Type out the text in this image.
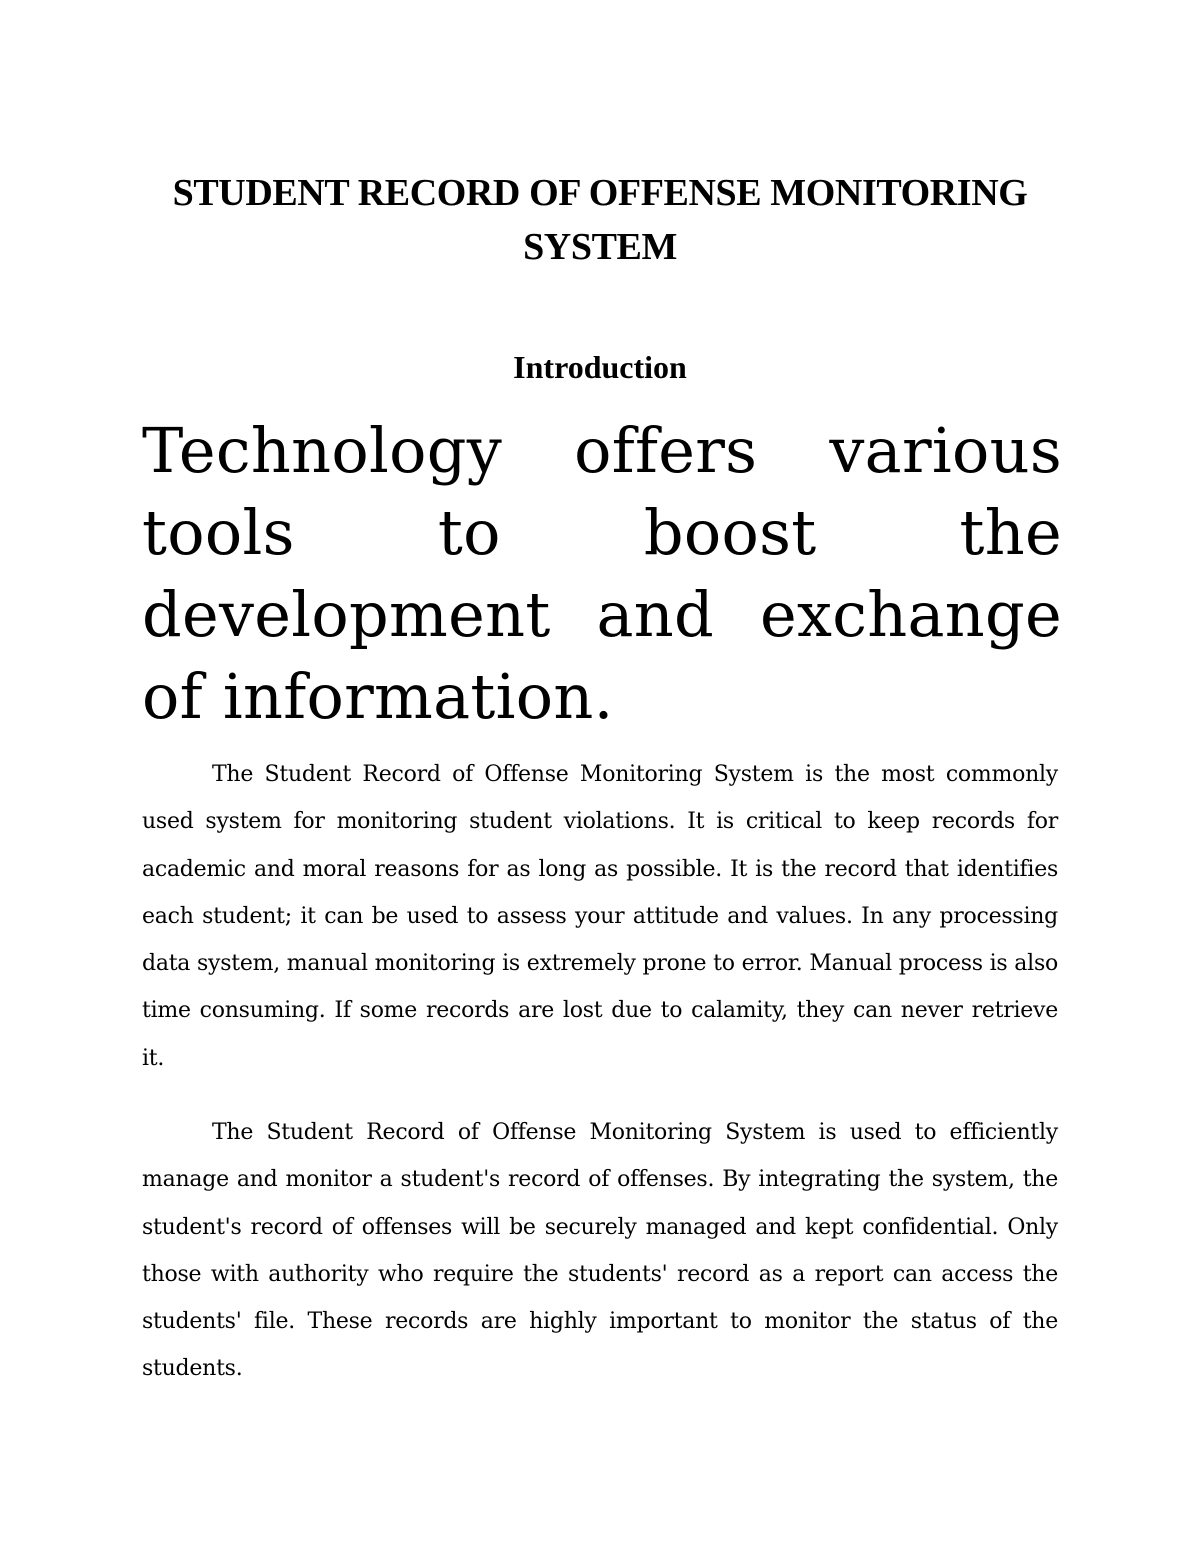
STUDENT RECORD OF OFFENSE MONITORING SYSTEM
Introduction

Technology offers various tools to boost the development and exchange of information.

The Student Record of Offense Monitoring System is the most commonly used system for monitoring student violations. It is critical to keep records for academic and moral reasons for as long as possible. It is the record that identifies each student; it can be used to assess your attitude and values. In any processing data system, manual monitoring is extremely prone to error. Manual process is also time consuming. If some records are lost due to calamity, they can never retrieve it.

The Student Record of Offense Monitoring System is used to efficiently manage and monitor a student's record of offenses. By integrating the system, the student's record of offenses will be securely managed and kept confidential. Only those with authority who require the students' record as a report can access the students' file. These records are highly important to monitor the status of the students.
